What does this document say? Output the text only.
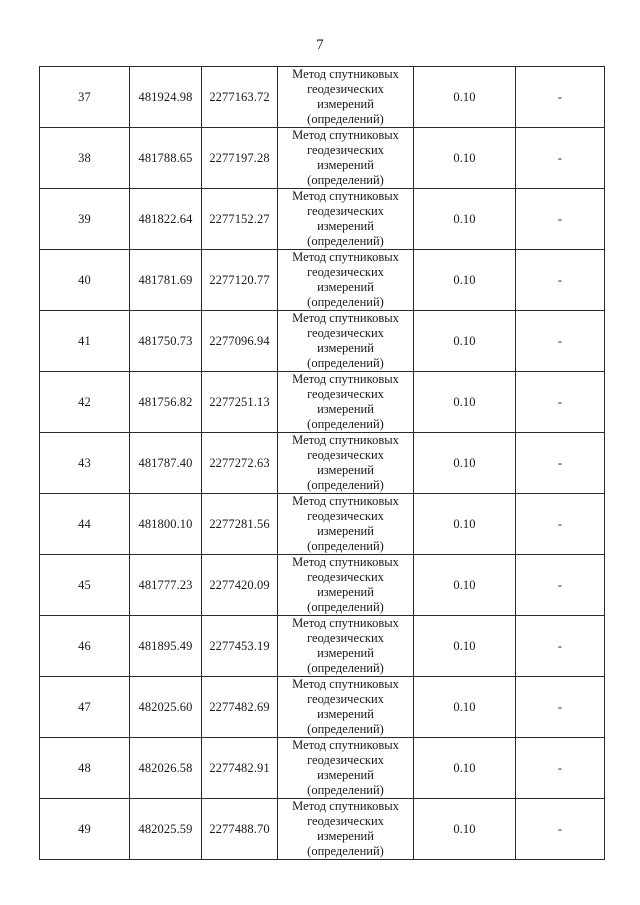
7
37	481924.98	2277163.72	Метод спутниковых
геодезических
измерений
(определений)	0.10	-
38	481788.65	2277197.28	Метод спутниковых
геодезических
измерений
(определений)	0.10	-
39	481822.64	2277152.27	Метод спутниковых
геодезических
измерений
(определений)	0.10	-
40	481781.69	2277120.77	Метод спутниковых
геодезических
измерений
(определений)	0.10	-
41	481750.73	2277096.94	Метод спутниковых
геодезических
измерений
(определений)	0.10	-
42	481756.82	2277251.13	Метод спутниковых
геодезических
измерений
(определений)	0.10	-
43	481787.40	2277272.63	Метод спутниковых
геодезических
измерений
(определений)	0.10	-
44	481800.10	2277281.56	Метод спутниковых
геодезических
измерений
(определений)	0.10	-
45	481777.23	2277420.09	Метод спутниковых
геодезических
измерений
(определений)	0.10	-
46	481895.49	2277453.19	Метод спутниковых
геодезических
измерений
(определений)	0.10	-
47	482025.60	2277482.69	Метод спутниковых
геодезических
измерений
(определений)	0.10	-
48	482026.58	2277482.91	Метод спутниковых
геодезических
измерений
(определений)	0.10	-
49	482025.59	2277488.70	Метод спутниковых
геодезических
измерений
(определений)	0.10	-
